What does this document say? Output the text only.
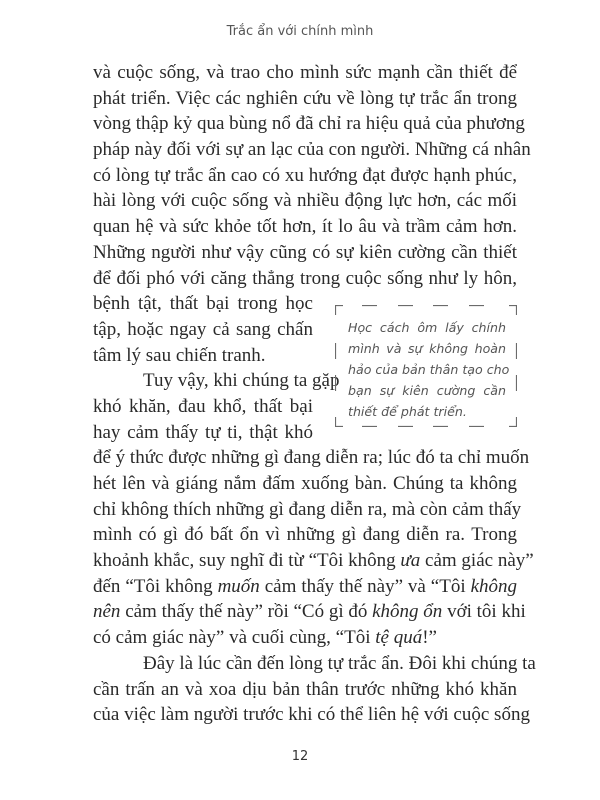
Trắc ẩn với chính mình
và cuộc sống, và trao cho mình sức mạnh cần thiết để
phát triển. Việc các nghiên cứu về lòng tự trắc ẩn trong
vòng thập kỷ qua bùng nổ đã chỉ ra hiệu quả của phương
pháp này đối với sự an lạc của con người. Những cá nhân
có lòng tự trắc ẩn cao có xu hướng đạt được hạnh phúc,
hài lòng với cuộc sống và nhiều động lực hơn, các mối
quan hệ và sức khỏe tốt hơn, ít lo âu và trầm cảm hơn.
Những người như vậy cũng có sự kiên cường cần thiết
để đối phó với căng thẳng trong cuộc sống như ly hôn,
bệnh tật, thất bại trong học
tập, hoặc ngay cả sang chấn
tâm lý sau chiến tranh.
Tuy vậy, khi chúng ta gặp
khó khăn, đau khổ, thất bại
hay cảm thấy tự ti, thật khó
để ý thức được những gì đang diễn ra; lúc đó ta chỉ muốn
hét lên và giáng nắm đấm xuống bàn. Chúng ta không
chỉ không thích những gì đang diễn ra, mà còn cảm thấy
mình có gì đó bất ổn vì những gì đang diễn ra. Trong
khoảnh khắc, suy nghĩ đi từ “Tôi không ưa cảm giác này”
đến “Tôi không muốn cảm thấy thế này” và “Tôi không
nên cảm thấy thế này” rồi “Có gì đó không ổn với tôi khi
có cảm giác này” và cuối cùng, “Tôi tệ quá!”
Đây là lúc cần đến lòng tự trắc ẩn. Đôi khi chúng ta
cần trấn an và xoa dịu bản thân trước những khó khăn
của việc làm người trước khi có thể liên hệ với cuộc sống
Học cách ôm lấy chính
mình và sự không hoàn
hảo của bản thân tạo cho
bạn sự kiên cường cần
thiết để phát triển.
12
